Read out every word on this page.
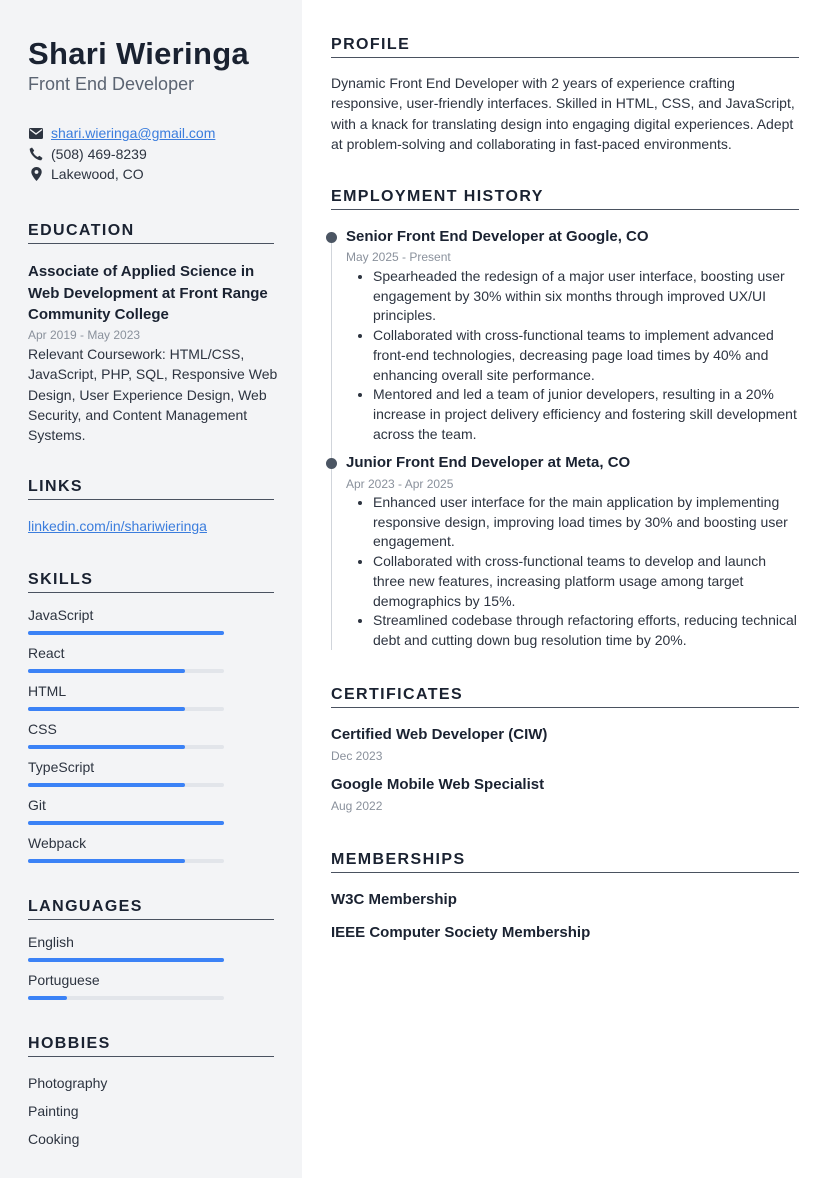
Shari Wieringa
Front End Developer
shari.wieringa@gmail.com
(508) 469-8239
Lakewood, CO
EDUCATION
Associate of Applied Science in Web Development at Front Range Community College
Apr 2019 - May 2023
Relevant Coursework: HTML/CSS, JavaScript, PHP, SQL, Responsive Web Design, User Experience Design, Web Security, and Content Management Systems.
LINKS
linkedin.com/in/shariwieringa
SKILLS
JavaScript
React
HTML
CSS
TypeScript
Git
Webpack
LANGUAGES
English
Portuguese
HOBBIES
Photography
Painting
Cooking
PROFILE
Dynamic Front End Developer with 2 years of experience crafting responsive, user-friendly interfaces. Skilled in HTML, CSS, and JavaScript, with a knack for translating design into engaging digital experiences. Adept at problem-solving and collaborating in fast-paced environments.
EMPLOYMENT HISTORY
Senior Front End Developer at Google, CO
May 2025 - Present
• Spearheaded the redesign of a major user interface, boosting user engagement by 30% within six months through improved UX/UI principles.
• Collaborated with cross-functional teams to implement advanced front-end technologies, decreasing page load times by 40% and enhancing overall site performance.
• Mentored and led a team of junior developers, resulting in a 20% increase in project delivery efficiency and fostering skill development across the team.
Junior Front End Developer at Meta, CO
Apr 2023 - Apr 2025
• Enhanced user interface for the main application by implementing responsive design, improving load times by 30% and boosting user engagement.
• Collaborated with cross-functional teams to develop and launch three new features, increasing platform usage among target demographics by 15%.
• Streamlined codebase through refactoring efforts, reducing technical debt and cutting down bug resolution time by 20%.
CERTIFICATES
Certified Web Developer (CIW)
Dec 2023
Google Mobile Web Specialist
Aug 2022
MEMBERSHIPS
W3C Membership
IEEE Computer Society Membership
